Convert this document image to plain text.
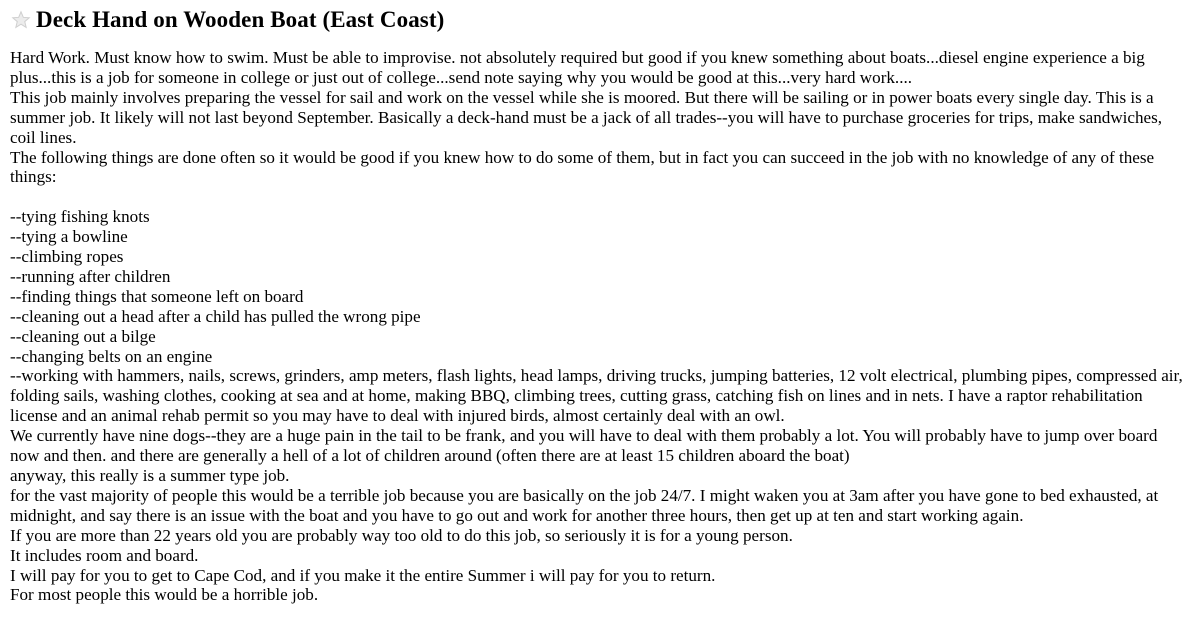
Deck Hand on Wooden Boat (East Coast)
Hard Work. Must know how to swim. Must be able to improvise. not absolutely required but good if you knew something about boats...diesel engine experience a big plus...this is a job for someone in college or just out of college...send note saying why you would be good at this...very hard work....
This job mainly involves preparing the vessel for sail and work on the vessel while she is moored. But there will be sailing or in power boats every single day. This is a summer job. It likely will not last beyond September. Basically a deck-hand must be a jack of all trades--you will have to purchase groceries for trips, make sandwiches, coil lines.
The following things are done often so it would be good if you knew how to do some of them, but in fact you can succeed in the job with no knowledge of any of these things:
--tying fishing knots
--tying a bowline
--climbing ropes
--running after children
--finding things that someone left on board
--cleaning out a head after a child has pulled the wrong pipe
--cleaning out a bilge
--changing belts on an engine
--working with hammers, nails, screws, grinders, amp meters, flash lights, head lamps, driving trucks, jumping batteries, 12 volt electrical, plumbing pipes, compressed air, folding sails, washing clothes, cooking at sea and at home, making BBQ, climbing trees, cutting grass, catching fish on lines and in nets. I have a raptor rehabilitation license and an animal rehab permit so you may have to deal with injured birds, almost certainly deal with an owl.
We currently have nine dogs--they are a huge pain in the tail to be frank, and you will have to deal with them probably a lot. You will probably have to jump over board now and then. and there are generally a hell of a lot of children around (often there are at least 15 children aboard the boat)
anyway, this really is a summer type job.
for the vast majority of people this would be a terrible job because you are basically on the job 24/7. I might waken you at 3am after you have gone to bed exhausted, at midnight, and say there is an issue with the boat and you have to go out and work for another three hours, then get up at ten and start working again.
If you are more than 22 years old you are probably way too old to do this job, so seriously it is for a young person.
It includes room and board.
I will pay for you to get to Cape Cod, and if you make it the entire Summer i will pay for you to return.
For most people this would be a horrible job.
